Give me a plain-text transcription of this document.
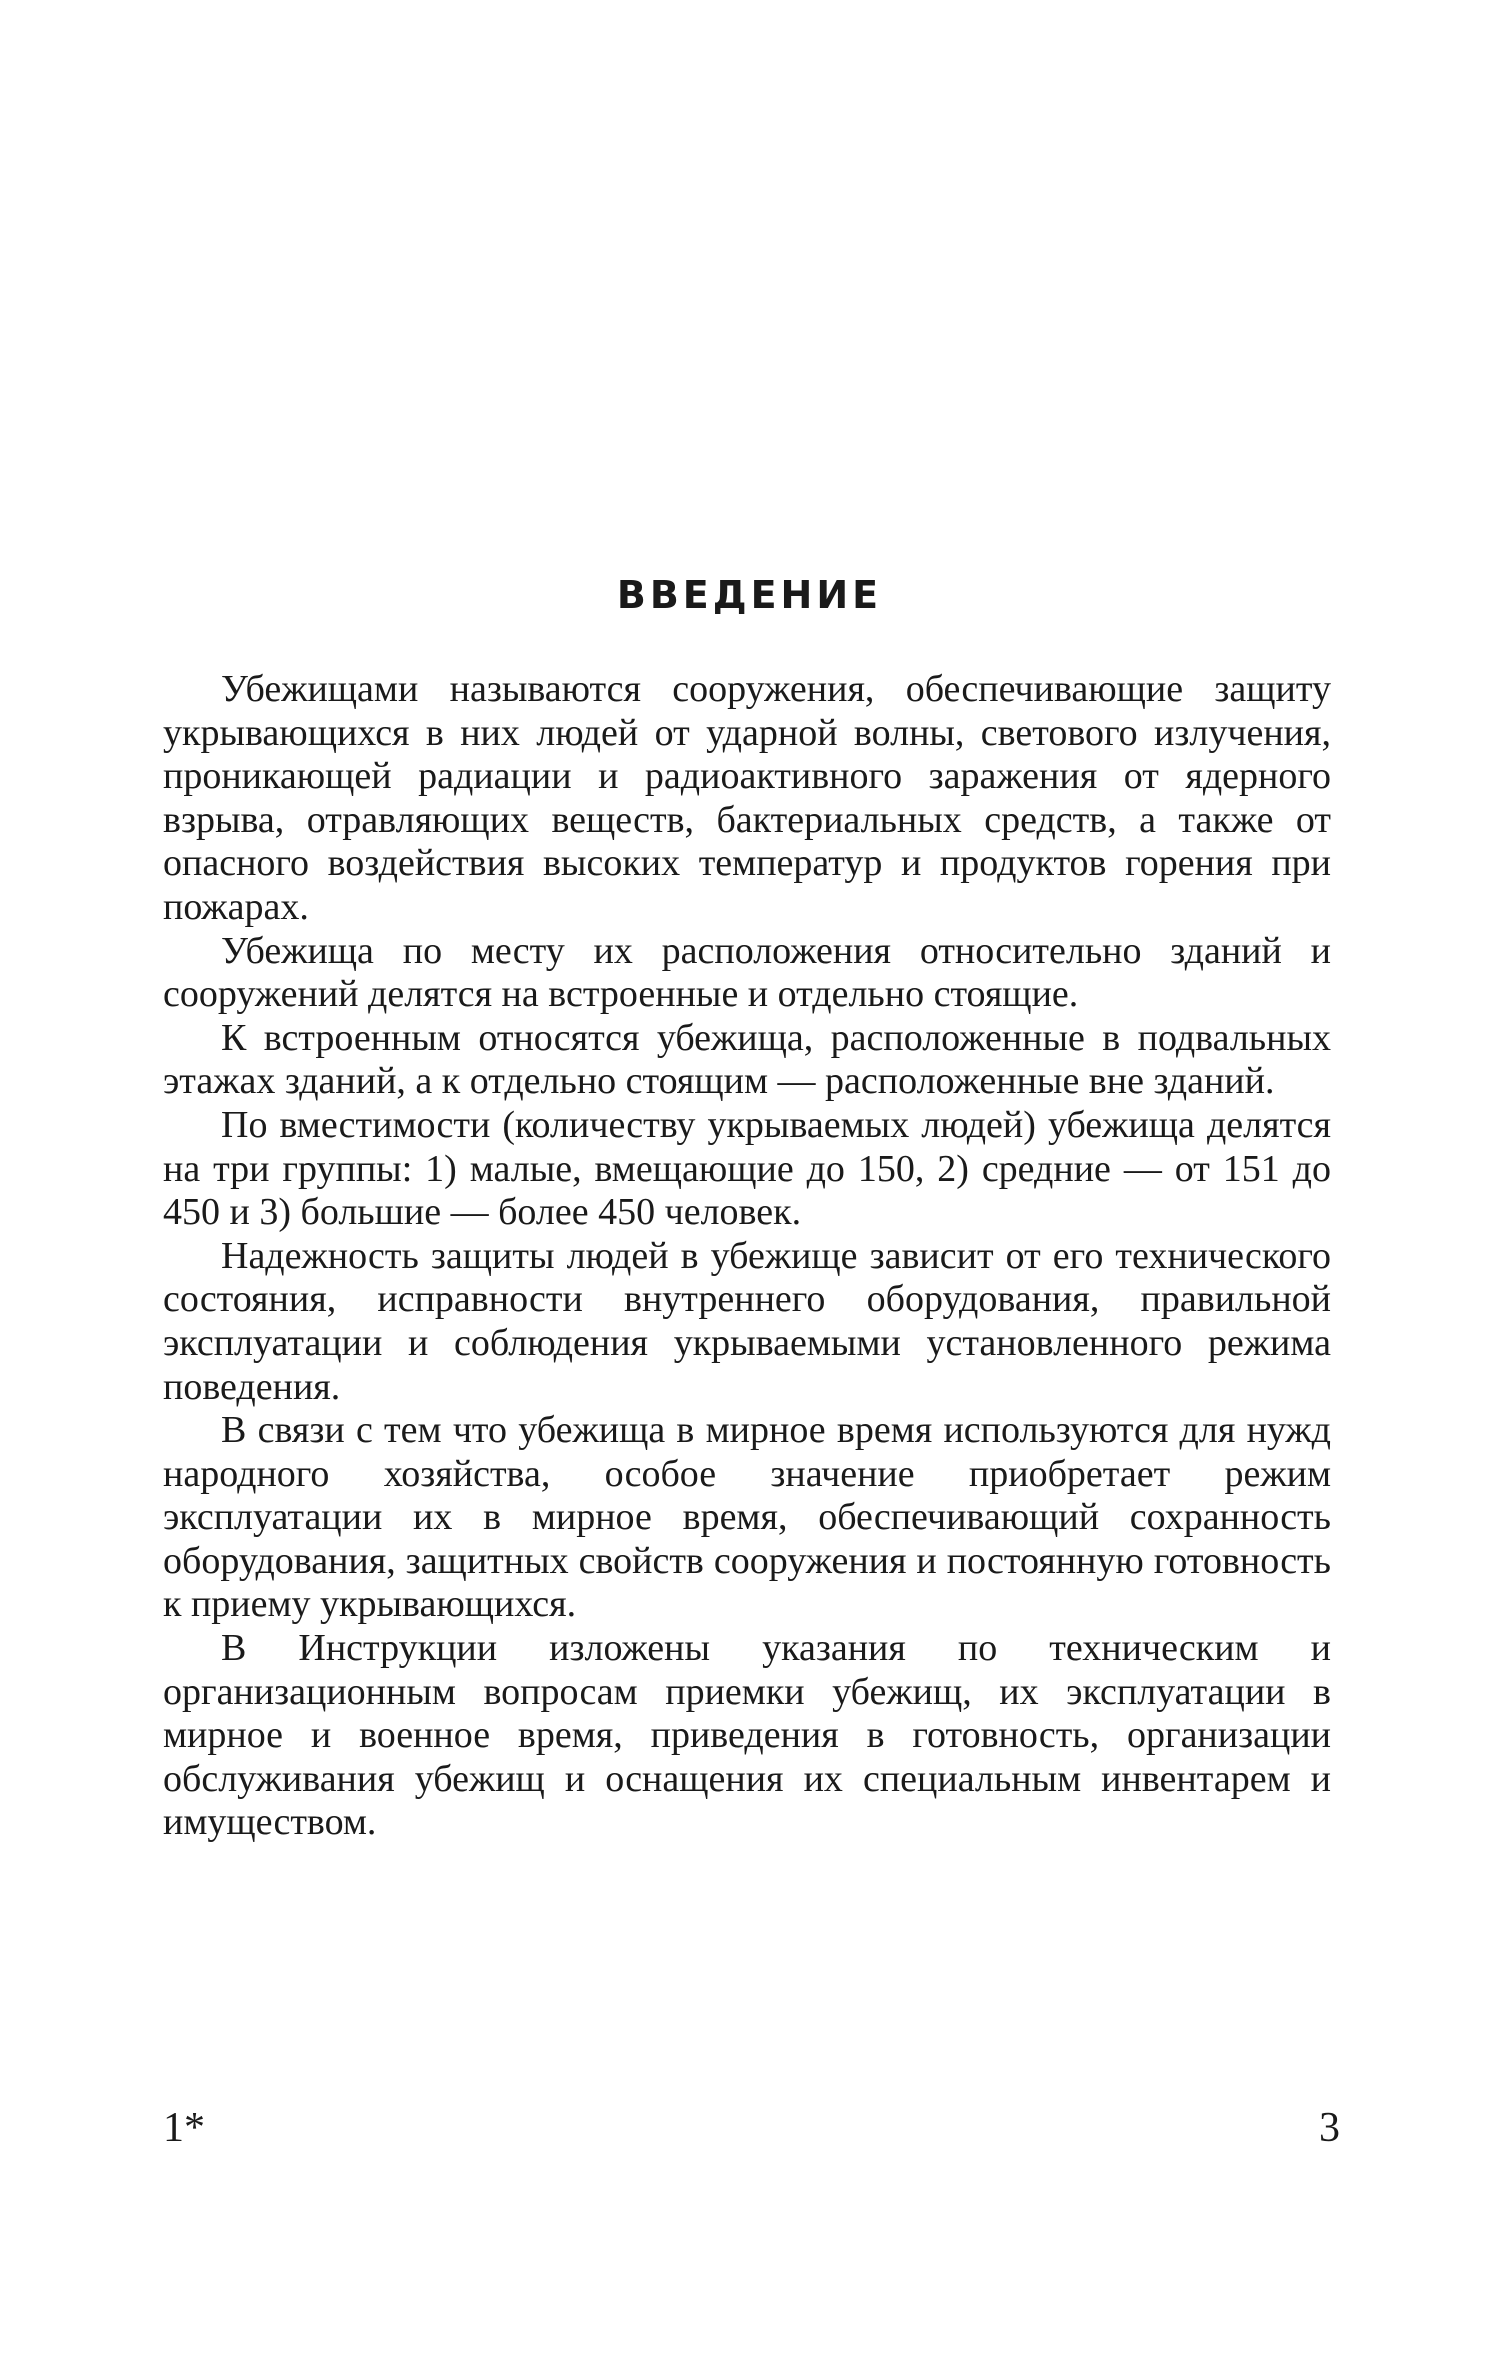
ВВЕДЕНИЕ

Убежищами называются сооружения, обеспечивающие защиту укрывающихся в них людей от ударной волны, светового излучения, проникающей радиации и радиоактивного заражения от ядерного взрыва, отравляющих веществ, бактериальных средств, а также от опасного воздействия высоких температур и продуктов горения при пожарах.

Убежища по месту их расположения относительно зданий и сооружений делятся на встроенные и отдельно стоящие.

К встроенным относятся убежища, расположенные в подвальных этажах зданий, а к отдельно стоящим — расположенные вне зданий.

По вместимости (количеству укрываемых людей) убежища делятся на три группы: 1) малые, вмещающие до 150, 2) средние — от 151 до 450 и 3) большие — более 450 человек.

Надежность защиты людей в убежище зависит от его технического состояния, исправности внутреннего оборудования, правильной эксплуатации и соблюдения укрываемыми установленного режима поведения.

В связи с тем что убежища в мирное время используются для нужд народного хозяйства, особое значение приобретает режим эксплуатации их в мирное время, обеспечивающий сохранность оборудования, защитных свойств сооружения и постоянную готовность к приему укрывающихся.

В Инструкции изложены указания по техническим и организационным вопросам приемки убежищ, их эксплуатации в мирное и военное время, приведения в готовность, организации обслуживания убежищ и оснащения их специальным инвентарем и имуществом.

1*	3
